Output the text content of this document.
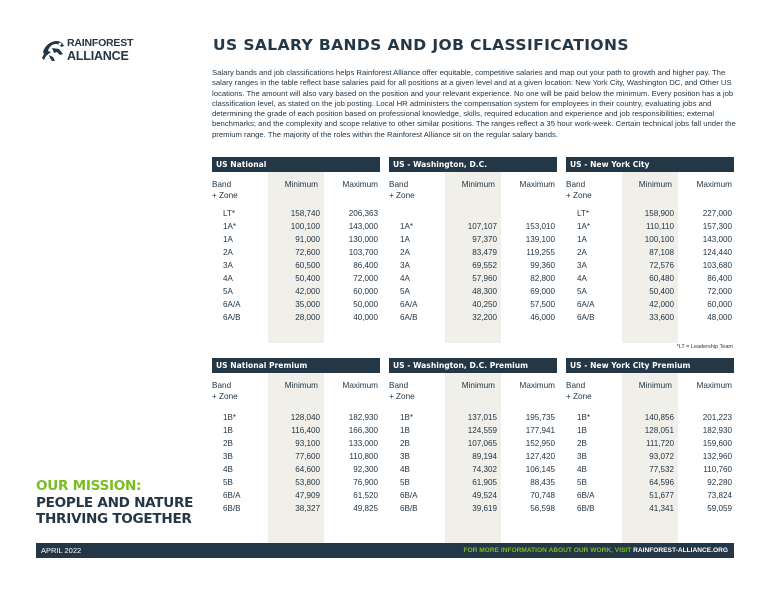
RAINFOREST
ALLIANCE
US SALARY BANDS AND JOB CLASSIFICATIONS

Salary bands and job classifications helps Rainforest Alliance offer equitable, competitive salaries and map out your path to growth and higher pay. The salary ranges in the table reflect base salaries paid for all positions at a given level and at a given location: New York City, Washington DC, and Other US locations. The amount will also vary based on the position and your relevant experience. No one will be paid below the minimum. Every position has a job classification level, as stated on the job posting. Local HR administers the compensation system for employees in their country, evaluating jobs and determining the grade of each position based on professional knowledge, skills, required education and experience and job responsibilities; external benchmarks; and the complexity and scope relative to other similar positions. The ranges reflect a 35 hour work-week. Certain technical jobs fall under the premium range. The majority of the roles within the Rainforest Alliance sit on the regular salary bands.

US National
Band
+ Zone
Minimum	Maximum
LT*	158,740	206,363
1A*	100,100	143,000
1A	91,000	130,000
2A	72,600	103,700
3A	60,500	86,400
4A	50,400	72,000
5A	42,000	60,000
6A/A	35,000	50,000
6A/B	28,000	40,000
US - Washington, D.C.
Band
+ Zone
Minimum	Maximum
1A*	107,107	153,010
1A	97,370	139,100
2A	83,479	119,255
3A	69,552	99,360
4A	57,960	82,800
5A	48,300	69,000
6A/A	40,250	57,500
6A/B	32,200	46,000
US - New York City
Band
+ Zone
Minimum	Maximum
LT*	158,900	227,000
1A*	110,110	157,300
1A	100,100	143,000
2A	87,108	124,440
3A	72,576	103,680
4A	60,480	86,400
5A	50,400	72,000
6A/A	42,000	60,000
6A/B	33,600	48,000
US National Premium
Band
+ Zone
Minimum	Maximum
1B*	128,040	182,930
1B	116,400	166,300
2B	93,100	133,000
3B	77,600	110,800
4B	64,600	92,300
5B	53,800	76,900
6B/A	47,909	61,520
6B/B	38,327	49,825
US - Washington, D.C. Premium
Band
+ Zone
Minimum	Maximum
1B*	137,015	195,735
1B	124,559	177,941
2B	107,065	152,950
3B	89,194	127,420
4B	74,302	106,145
5B	61,905	88,435
6B/A	49,524	70,748
6B/B	39,619	56,598
US - New York City Premium
Band
+ Zone
Minimum	Maximum
1B*	140,856	201,223
1B	128,051	182,930
2B	111,720	159,600
3B	93,072	132,960
4B	77,532	110,760
5B	64,596	92,280
6B/A	51,677	73,824
6B/B	41,341	59,059
*LT = Leadership Team
OUR MISSION:
PEOPLE AND NATURE
THRIVING TOGETHER
APRIL 2022	FOR MORE INFORMATION ABOUT OUR WORK, VISIT RAINFOREST-ALLIANCE.ORG
